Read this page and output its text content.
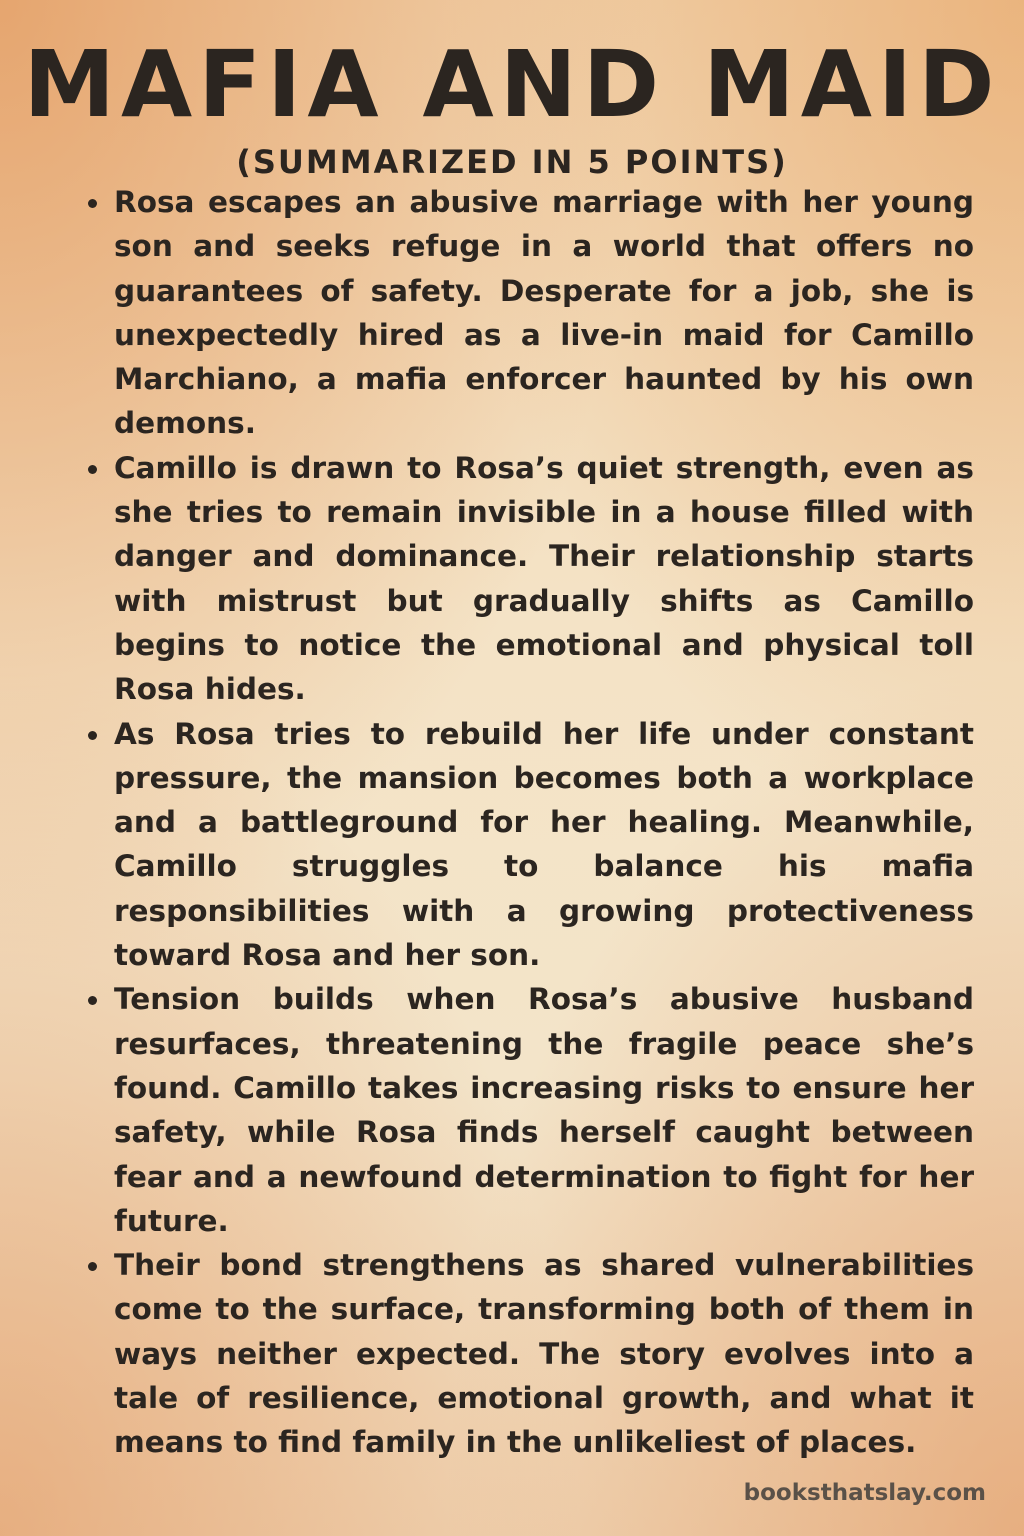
MAFIA AND MAID
(SUMMARIZED IN 5 POINTS)
Rosa escapes an abusive marriage with her young son and seeks refuge in a world that offers no guarantees of safety. Desperate for a job, she is unexpectedly hired as a live-in maid for Camillo Marchiano, a mafia enforcer haunted by his own demons.
Camillo is drawn to Rosa’s quiet strength, even as she tries to remain invisible in a house filled with danger and dominance. Their relationship starts with mistrust but gradually shifts as Camillo begins to notice the emotional and physical toll Rosa hides.
As Rosa tries to rebuild her life under constant pressure, the mansion becomes both a workplace and a battleground for her healing. Meanwhile, Camillo struggles to balance his mafia responsibilities with a growing protectiveness toward Rosa and her son.
Tension builds when Rosa’s abusive husband resurfaces, threatening the fragile peace she’s found. Camillo takes increasing risks to ensure her safety, while Rosa finds herself caught between fear and a newfound determination to fight for her future.
Their bond strengthens as shared vulnerabilities come to the surface, transforming both of them in ways neither expected. The story evolves into a tale of resilience, emotional growth, and what it means to find family in the unlikeliest of places.
booksthatslay.com
